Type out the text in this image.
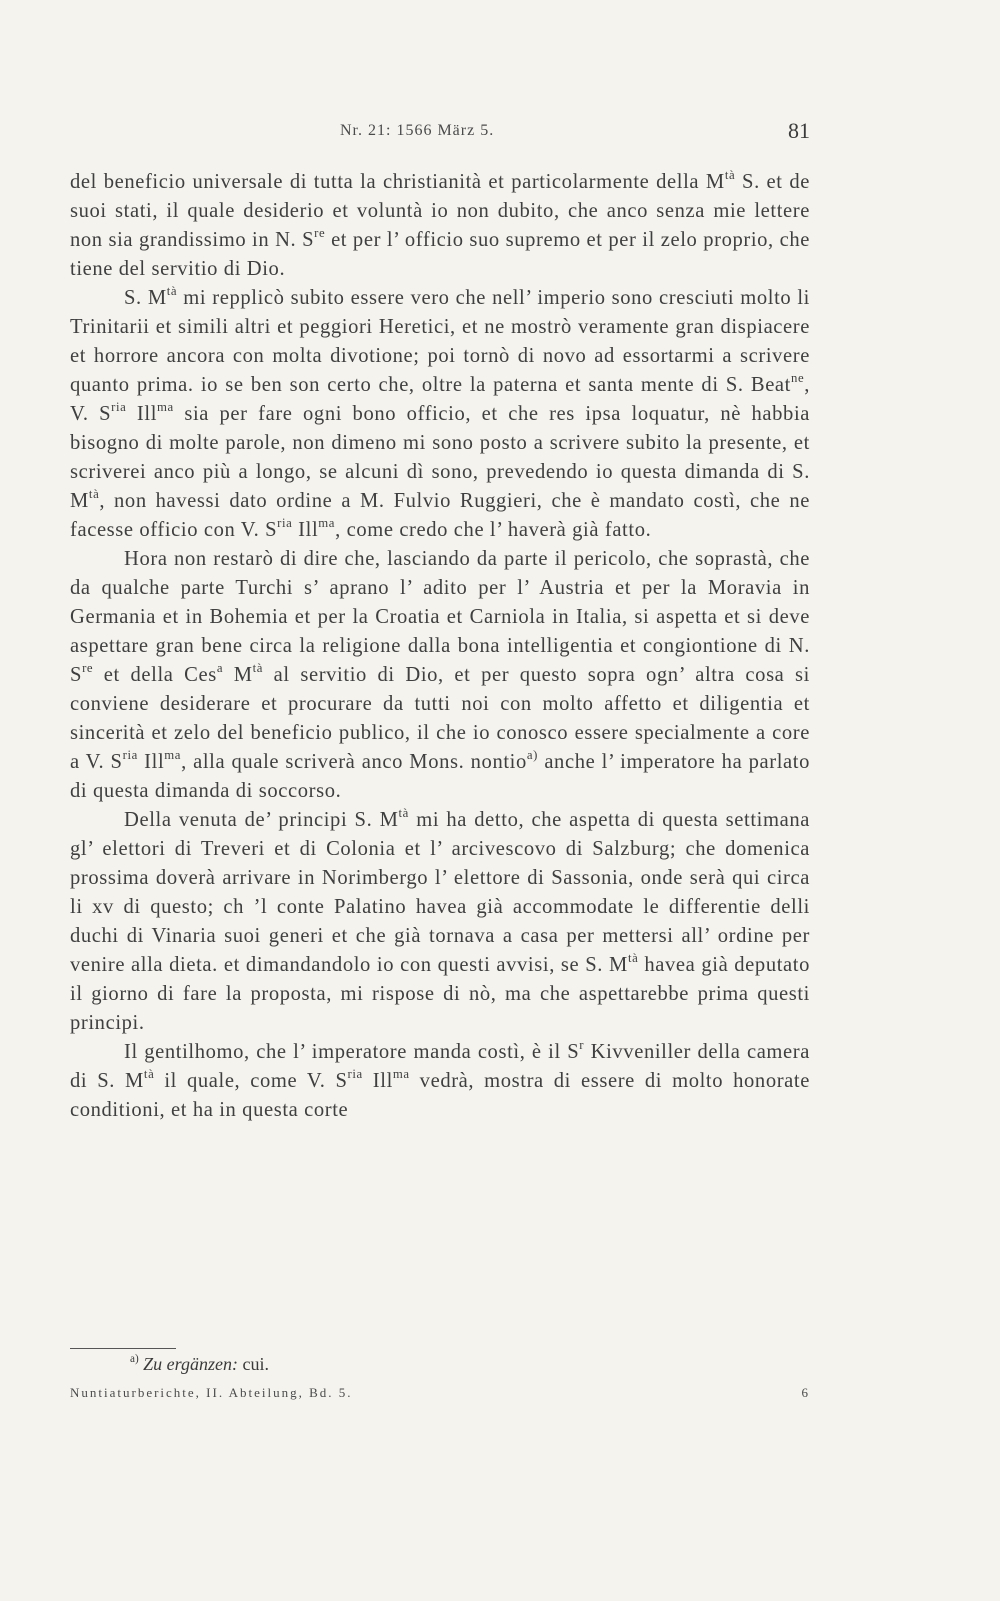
Nr. 21: 1566 März 5.	81

del beneficio universale di tutta la christianità et particolarmente della $M^{tà}$ S. et de suoi stati, il quale desiderio et voluntà io non dubito, che anco senza mie lettere non sia grandissimo in N. $S^{re}$ et per l’ officio suo supremo et per il zelo proprio, che tiene del servitio di Dio.

S. $M^{tà}$ mi repplicò subito essere vero che nell’ imperio sono cresciuti molto li Trinitarii et simili altri et peggiori Heretici, et ne mostrò veramente gran dispiacere et horrore ancora con molta divotione; poi tornò di novo ad essortarmi a scrivere quanto prima. io se ben son certo che, oltre la paterna et santa mente di S. Beat$^{ne}$, V. $S^{ria}$ Ill$^{ma}$ sia per fare ogni bono officio, et che res ipsa loquatur, nè habbia bisogno di molte parole, non dimeno mi sono posto a scrivere subito la presente, et scriverei anco più a longo, se alcuni dì sono, prevedendo io questa dimanda di S. $M^{tà}$, non havessi dato ordine a M. Fulvio Ruggieri, che è mandato costì, che ne facesse officio con V. $S^{ria}$ Ill$^{ma}$, come credo che l’ haverà già fatto.

Hora non restarò di dire che, lasciando da parte il pericolo, che soprastà, che da qualche parte Turchi s’ aprano l’ adito per l’ Austria et per la Moravia in Germania et in Bohemia et per la Croatia et Carniola in Italia, si aspetta et si deve aspettare gran bene circa la religione dalla bona intelligentia et congiontione di N. $S^{re}$ et della Ces$^a$ $M^{tà}$ al servitio di Dio, et per questo sopra ogn’ altra cosa si conviene desiderare et procurare da tutti noi con molto affetto et diligentia et sincerità et zelo del beneficio publico, il che io conosco essere specialmente a core a V. $S^{ria}$ Ill$^{ma}$, alla quale scriverà anco Mons. nontio$^{a)}$ anche l’ imperatore ha parlato di questa dimanda di soccorso.

Della venuta de’ principi S. $M^{tà}$ mi ha detto, che aspetta di questa settimana gl’ elettori di Treveri et di Colonia et l’ arcivescovo di Salzburg; che domenica prossima doverà arrivare in Norimbergo l’ elettore di Sassonia, onde serà qui circa li xv di questo; ch ’l conte Palatino havea già accommodate le differentie delli duchi di Vinaria suoi generi et che già tornava a casa per mettersi all’ ordine per venire alla dieta. et dimandandolo io con questi avvisi, se S. $M^{tà}$ havea già deputato il giorno di fare la proposta, mi rispose di nò, ma che aspettarebbe prima questi principi.

Il gentilhomo, che l’ imperatore manda costì, è il $S^r$ Kivveniller della camera di S. $M^{tà}$ il quale, come V. $S^{ria}$ Ill$^{ma}$ vedrà, mostra di essere di molto honorate conditioni, et ha in questa corte

$^{a)}$ Zu ergänzen: cui.
Nuntiaturberichte, II. Abteilung, Bd. 5.	6
